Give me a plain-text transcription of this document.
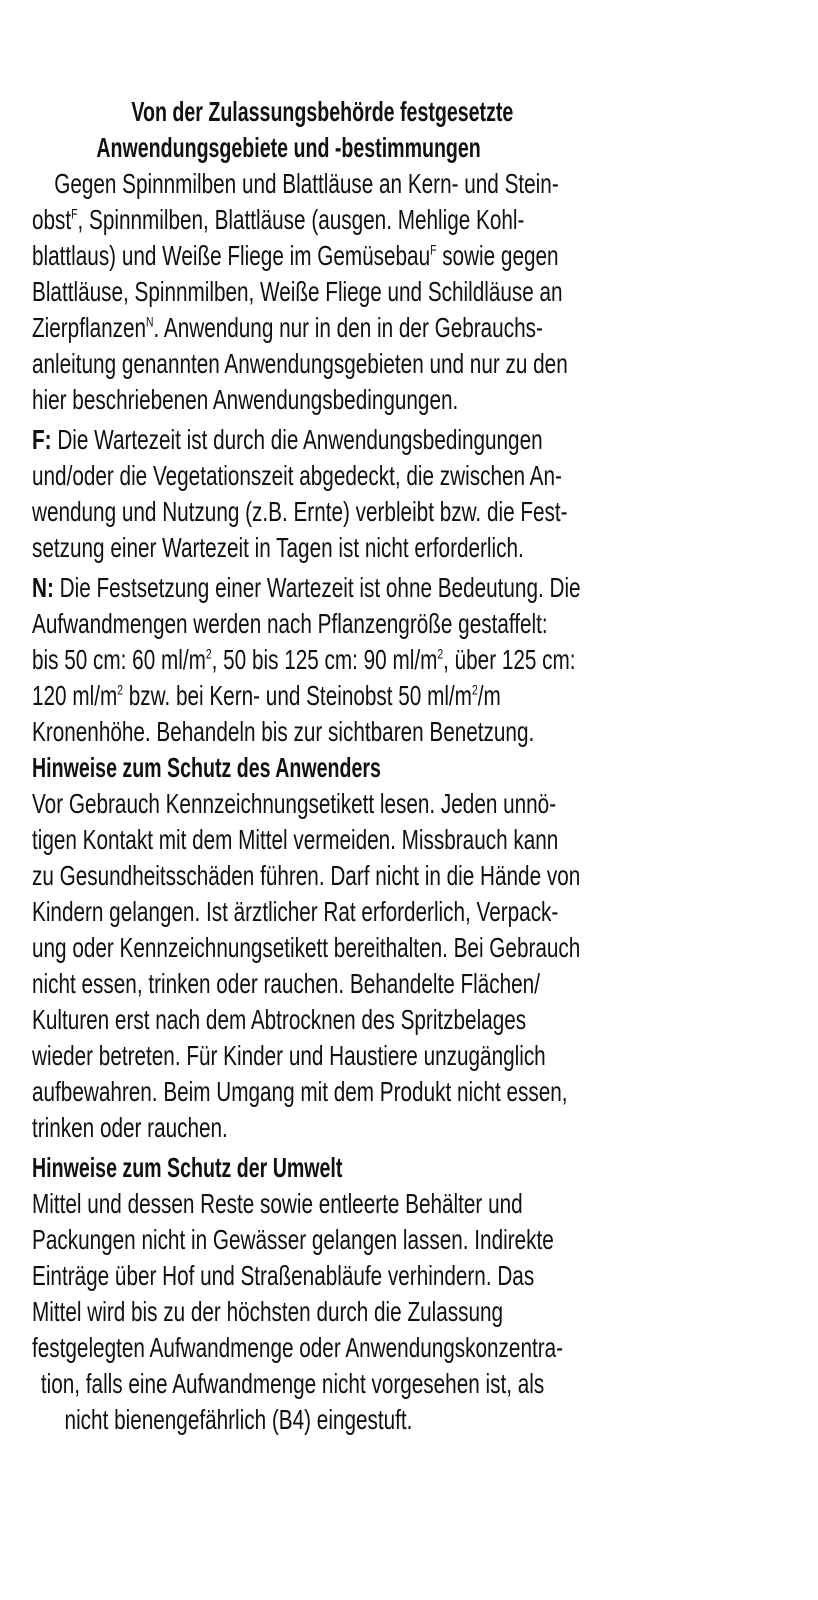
Von der Zulassungsbehörde festgesetzte
Anwendungsgebiete und -bestimmungen
Gegen Spinnmilben und Blattläuse an Kern- und Stein-
obst$^F$, Spinnmilben, Blattläuse (ausgen. Mehlige Kohl-
blattlaus) und Weiße Fliege im Gemüsebau$^F$ sowie gegen
Blattläuse, Spinnmilben, Weiße Fliege und Schildläuse an
Zierpflanzen$^N$. Anwendung nur in den in der Gebrauchs-
anleitung genannten Anwendungsgebieten und nur zu den
hier beschriebenen Anwendungsbedingungen.
F: Die Wartezeit ist durch die Anwendungsbedingungen
und/oder die Vegetationszeit abgedeckt, die zwischen An-
wendung und Nutzung (z.B. Ernte) verbleibt bzw. die Fest-
setzung einer Wartezeit in Tagen ist nicht erforderlich.
N: Die Festsetzung einer Wartezeit ist ohne Bedeutung. Die
Aufwandmengen werden nach Pflanzengröße gestaffelt:
bis 50 cm: 60 $ml/m^2$, 50 bis 125 cm: 90 $ml/m^2$, über 125 cm:
120 $ml/m^2$ bzw. bei Kern- und Steinobst 50 $ml/m^2/m$
Kronenhöhe. Behandeln bis zur sichtbaren Benetzung.
Hinweise zum Schutz des Anwenders
Vor Gebrauch Kennzeichnungsetikett lesen. Jeden unnö-
tigen Kontakt mit dem Mittel vermeiden. Missbrauch kann
zu Gesundheitsschäden führen. Darf nicht in die Hände von
Kindern gelangen. Ist ärztlicher Rat erforderlich, Verpack-
ung oder Kennzeichnungsetikett bereithalten. Bei Gebrauch
nicht essen, trinken oder rauchen. Behandelte Flächen/
Kulturen erst nach dem Abtrocknen des Spritzbelages
wieder betreten. Für Kinder und Haustiere unzugänglich
aufbewahren. Beim Umgang mit dem Produkt nicht essen,
trinken oder rauchen.
Hinweise zum Schutz der Umwelt
Mittel und dessen Reste sowie entleerte Behälter und
Packungen nicht in Gewässer gelangen lassen. Indirekte
Einträge über Hof und Straßenabläufe verhindern. Das
Mittel wird bis zu der höchsten durch die Zulassung
festgelegten Aufwandmenge oder Anwendungskonzentra-
tion, falls eine Aufwandmenge nicht vorgesehen ist, als
nicht bienengefährlich (B4) eingestuft.
